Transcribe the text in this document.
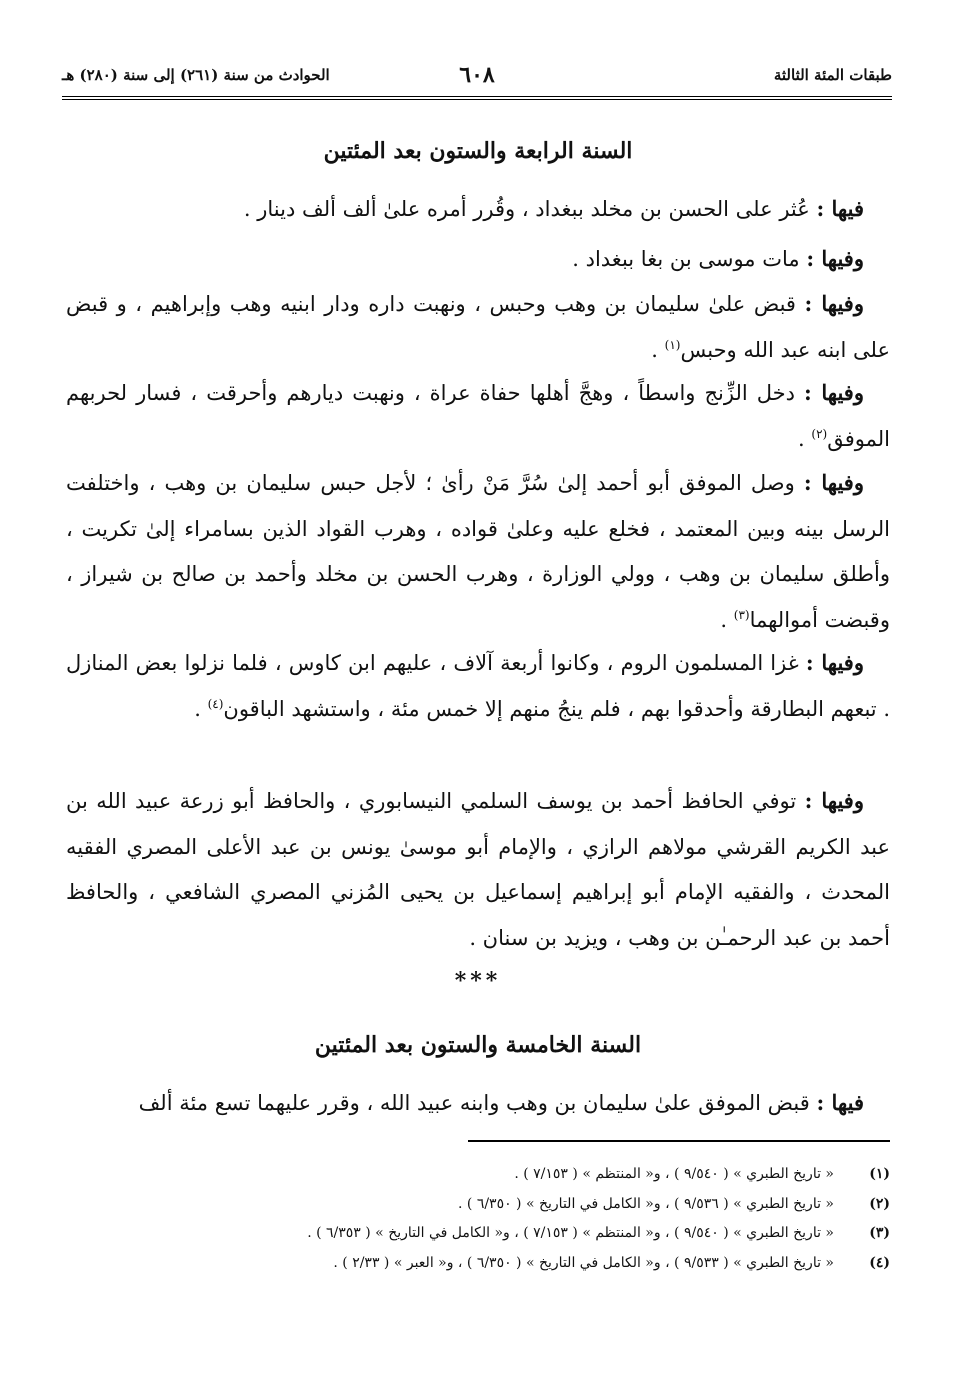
طبقات المئة الثالثة
٦٠٨
الحوادث من سنة (٢٦١) إلى سنة (٢٨٠) هـ
السنة الرابعة والستون بعد المئتين
فيها : عُثر على الحسن بن مخلد ببغداد ، وقُرر أمره علىٰ ألف ألف دينار .
وفيها : مات موسى بن بغا ببغداد .
وفيها : قبض علىٰ سليمان بن وهب وحبس ، ونهبت داره ودار ابنيه وهب وإبراهيم ، و قبض على ابنه عبد الله وحبس$^{(١)}$ .
وفيها : دخل الزِّنج واسطاً ، وهجَّ أهلها حفاة عراة ، ونهبت ديارهم وأحرقت ، فسار لحربهم الموفق$^{(٢)}$ .
وفيها : وصل الموفق أبو أحمد إلىٰ سُرَّ مَنْ رأىٰ ؛ لأجل حبس سليمان بن وهب ، واختلفت الرسل بينه وبين المعتمد ، فخلع عليه وعلىٰ قواده ، وهرب القواد الذين بسامراء إلىٰ تكريت ، وأطلق سليمان بن وهب ، وولي الوزارة ، وهرب الحسن بن مخلد وأحمد بن صالح بن شيراز ، وقبضت أموالهما$^{(٣)}$ .
وفيها : غزا المسلمون الروم ، وكانوا أربعة آلاف ، عليهم ابن كاوس ، فلما نزلوا بعض المنازل . تبعهم البطارقة وأحدقوا بهم ، فلم ينجُ منهم إلا خمس مئة ، واستشهد الباقون$^{(٤)}$ .
وفيها : توفي الحافظ أحمد بن يوسف السلمي النيسابوري ، والحافظ أبو زرعة عبيد الله بن عبد الكريم القرشي مولاهم الرازي ، والإمام أبو موسىٰ يونس بن عبد الأعلى المصري الفقيه المحدث ، والفقيه الإمام أبو إبراهيم إسماعيل بن يحيى المُزني المصري الشافعي ، والحافظ أحمد بن عبد الرحمـٰن بن وهب ، ويزيد بن سنان .
***
السنة الخامسة والستون بعد المئتين
فيها : قبض الموفق علىٰ سليمان بن وهب وابنه عبيد الله ، وقرر عليهما تسع مئة ألف
(١)
« تاريخ الطبري » ( ٩/٥٤٠ ) ، و« المنتظم » ( ٧/١٥٣ ) .
(٢)
« تاريخ الطبري » ( ٩/٥٣٦ ) ، و« الكامل في التاريخ » ( ٦/٣٥٠ ) .
(٣)
« تاريخ الطبري » ( ٩/٥٤٠ ) ، و« المنتظم » ( ٧/١٥٣ ) ، و« الكامل في التاريخ » ( ٦/٣٥٣ ) .
(٤)
« تاريخ الطبري » ( ٩/٥٣٣ ) ، و« الكامل في التاريخ » ( ٦/٣٥٠ ) ، و« العبر » ( ٢/٣٣ ) .
